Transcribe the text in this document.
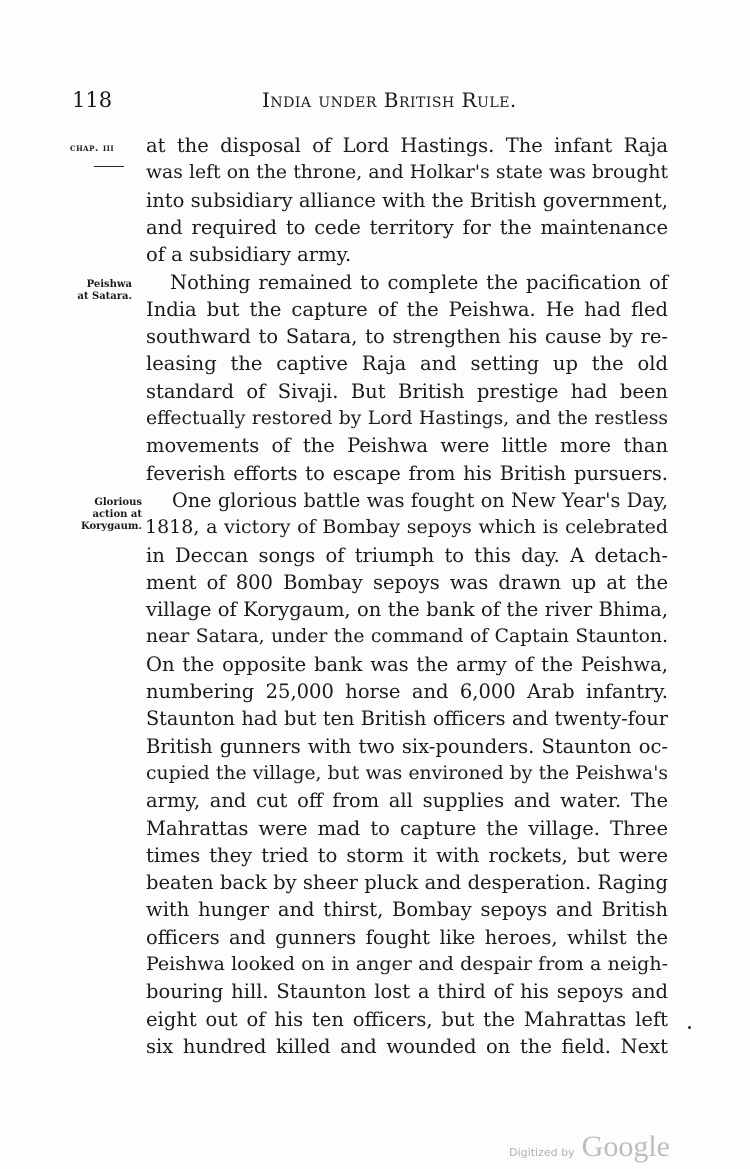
118	India under British Rule.
chap. iii
Peishwa
at Satara.
Glorious
action at
Korygaum.
at the disposal of Lord Hastings. The infant Raja
was left on the throne, and Holkar's state was brought
into subsidiary alliance with the British government,
and required to cede territory for the maintenance
of a subsidiary army.
Nothing remained to complete the pacification of
India but the capture of the Peishwa. He had fled
southward to Satara, to strengthen his cause by re-
leasing the captive Raja and setting up the old
standard of Sivaji. But British prestige had been
effectually restored by Lord Hastings, and the restless
movements of the Peishwa were little more than
feverish efforts to escape from his British pursuers.
One glorious battle was fought on New Year's Day,
1818, a victory of Bombay sepoys which is celebrated
in Deccan songs of triumph to this day. A detach-
ment of 800 Bombay sepoys was drawn up at the
village of Korygaum, on the bank of the river Bhima,
near Satara, under the command of Captain Staunton.
On the opposite bank was the army of the Peishwa,
numbering 25,000 horse and 6,000 Arab infantry.
Staunton had but ten British officers and twenty-four
British gunners with two six-pounders. Staunton oc-
cupied the village, but was environed by the Peishwa's
army, and cut off from all supplies and water. The
Mahrattas were mad to capture the village. Three
times they tried to storm it with rockets, but were
beaten back by sheer pluck and desperation. Raging
with hunger and thirst, Bombay sepoys and British
officers and gunners fought like heroes, whilst the
Peishwa looked on in anger and despair from a neigh-
bouring hill. Staunton lost a third of his sepoys and
eight out of his ten officers, but the Mahrattas left
six hundred killed and wounded on the field. Next
Digitized by Google
